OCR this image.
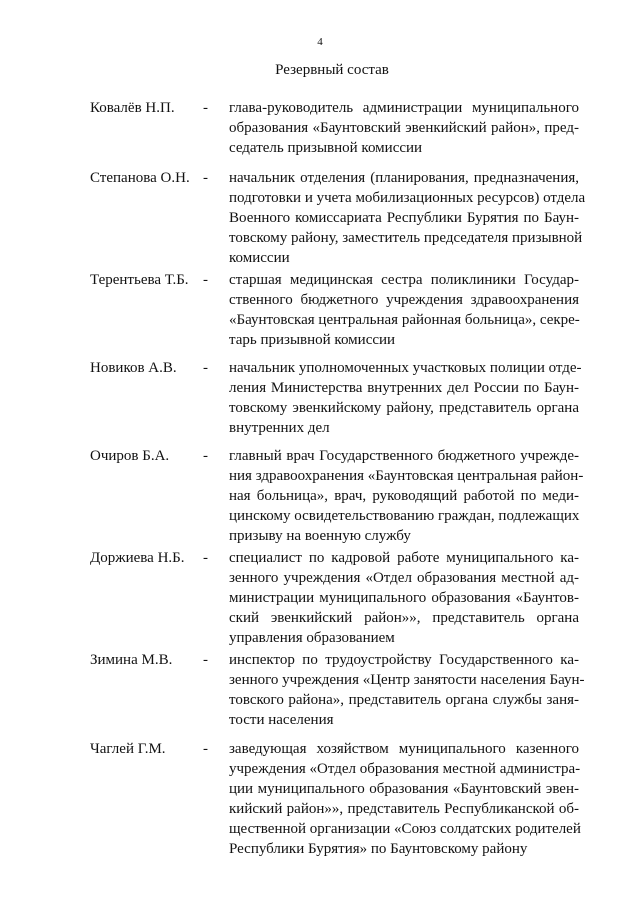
4
Резервный состав
Ковалёв Н.П. - глава-руководитель администрации муниципального
образования «Баунтовский эвенкийский район», пред-
седатель призывной комиссии
Степанова О.Н. - начальник отделения (планирования, предназначения,
подготовки и учета мобилизационных ресурсов) отдела
Военного комиссариата Республики Бурятия по Баун-
товскому району, заместитель председателя призывной
комиссии
Терентьева Т.Б. - старшая медицинская сестра поликлиники Государ-
ственного бюджетного учреждения здравоохранения
«Баунтовская центральная районная больница», секре-
тарь призывной комиссии
Новиков А.В. - начальник уполномоченных участковых полиции отде-
ления Министерства внутренних дел России по Баун-
товскому эвенкийскому району, представитель органа
внутренних дел
Очиров Б.А. - главный врач Государственного бюджетного учрежде-
ния здравоохранения «Баунтовская центральная район-
ная больница», врач, руководящий работой по меди-
цинскому освидетельствованию граждан, подлежащих
призыву на военную службу
Доржиева Н.Б. - специалист по кадровой работе муниципального ка-
зенного учреждения «Отдел образования местной ад-
министрации муниципального образования «Баунтов-
ский эвенкийский район»», представитель органа
управления образованием
Зимина М.В. - инспектор по трудоустройству Государственного ка-
зенного учреждения «Центр занятости населения Баун-
товского района», представитель органа службы заня-
тости населения
Чаглей Г.М. - заведующая хозяйством муниципального казенного
учреждения «Отдел образования местной администра-
ции муниципального образования «Баунтовский эвен-
кийский район»», представитель Республиканской об-
щественной организации «Союз солдатских родителей
Республики Бурятия» по Баунтовскому району
